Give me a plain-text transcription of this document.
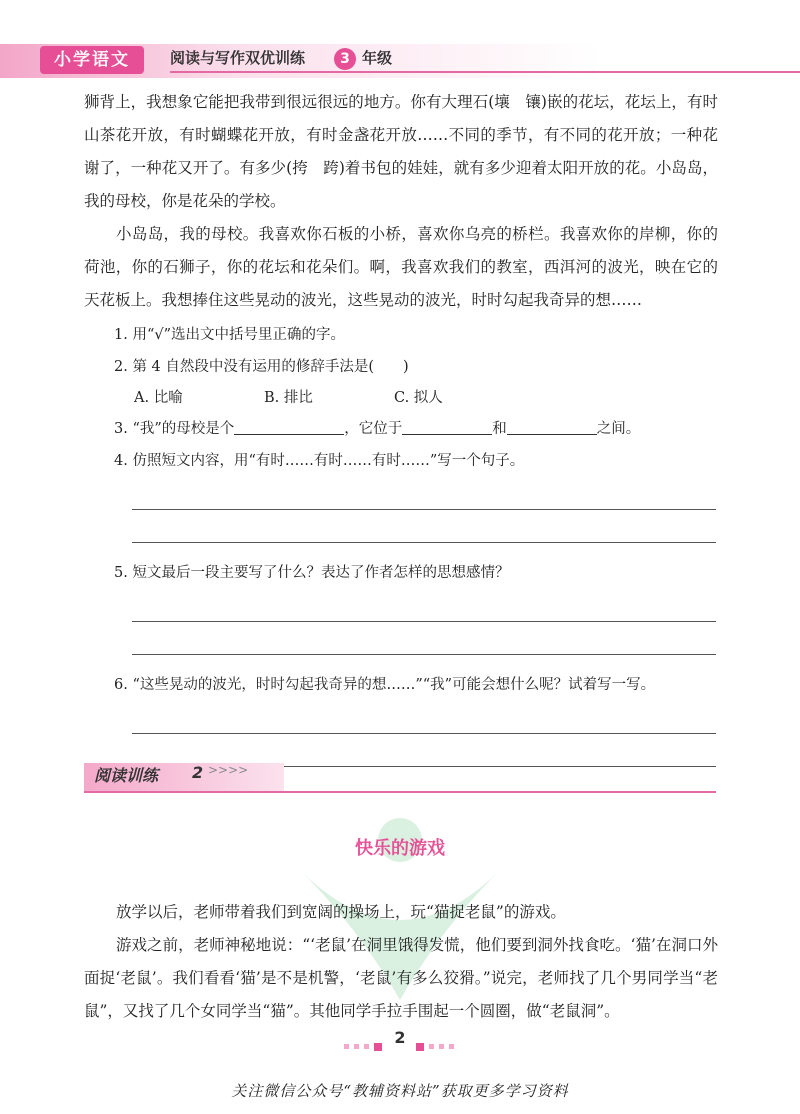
小学语文	阅读与写作双优训练	3 年级

狮背上，我想象它能把我带到很远很远的地方。你有大理石(壤　镶)嵌的花坛，花坛上，有时山茶花开放，有时蝴蝶花开放，有时金盏花开放……不同的季节，有不同的花开放；一种花谢了，一种花又开了。有多少(挎　跨)着书包的娃娃，就有多少迎着太阳开放的花。小岛岛，我的母校，你是花朵的学校。

小岛岛，我的母校。我喜欢你石板的小桥，喜欢你乌亮的桥栏。我喜欢你的岸柳，你的荷池，你的石狮子，你的花坛和花朵们。啊，我喜欢我们的教室，西洱河的波光，映在它的天花板上。我想捧住这些晃动的波光，这些晃动的波光，时时勾起我奇异的想……

1. 用“√”选出文中括号里正确的字。

2. 第 4 自然段中没有运用的修辞手法是(　　)

A. 比喻	B. 排比	C. 拟人

3. “我”的母校是个	，它位于	和	之间。

4. 仿照短文内容，用“有时……有时……有时……”写一个句子。

5. 短文最后一段主要写了什么？表达了作者怎样的思想感情？

6. “这些晃动的波光，时时勾起我奇异的想……”“我”可能会想什么呢？试着写一写。

阅读训练 2 >>>>
快乐的游戏

放学以后，老师带着我们到宽阔的操场上，玩“猫捉老鼠”的游戏。

游戏之前，老师神秘地说：“‘老鼠’在洞里饿得发慌，他们要到洞外找食吃。‘猫’在洞口外面捉‘老鼠’。我们看看‘猫’是不是机警，‘老鼠’有多么狡猾。”说完，老师找了几个男同学当“老鼠”，又找了几个女同学当“猫”。其他同学手拉手围起一个圆圈，做“老鼠洞”。

2
关注微信公众号“教辅资料站”获取更多学习资料
